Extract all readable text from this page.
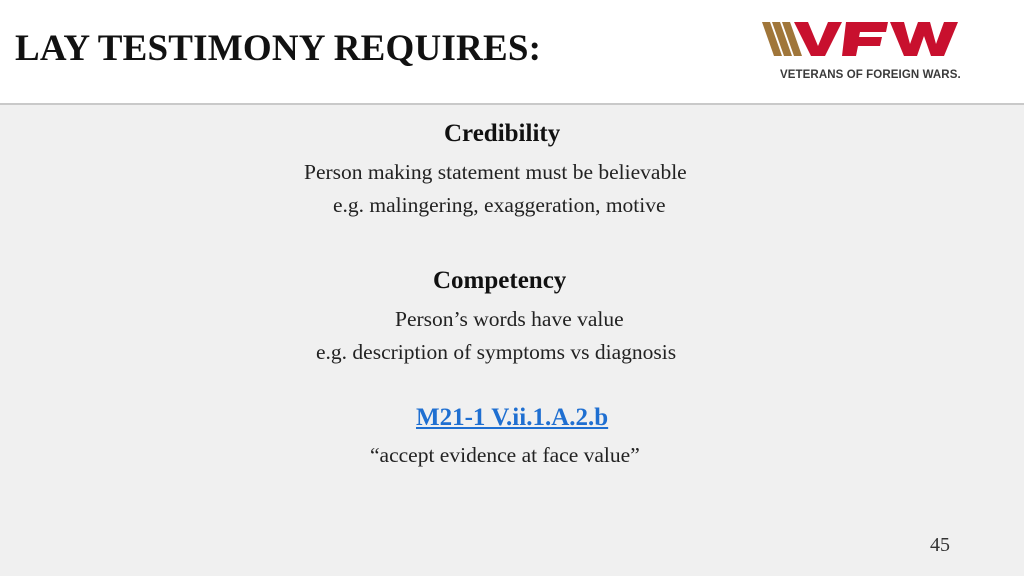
LAY TESTIMONY REQUIRES:
VETERANS OF FOREIGN WARS.
Credibility
Person making statement must be believable
e.g. malingering, exaggeration, motive
Competency
Person’s words have value
e.g. description of symptoms vs diagnosis
M21-1 V.ii.1.A.2.b
“accept evidence at face value”
45
